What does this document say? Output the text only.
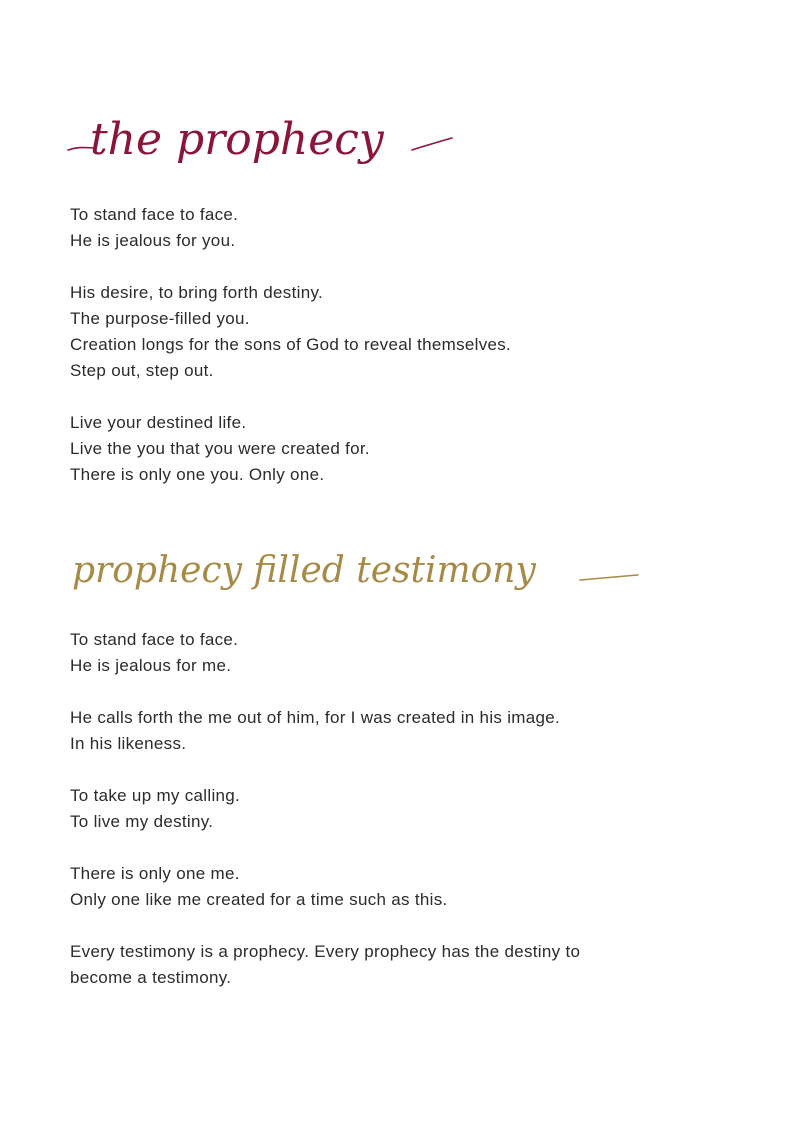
the prophecy
To stand face to face.
He is jealous for you.
His desire, to bring forth destiny.
The purpose-filled you.
Creation longs for the sons of God to reveal themselves.
Step out, step out.
Live your destined life.
Live the you that you were created for.
There is only one you. Only one.
prophecy filled testimony
To stand face to face.
He is jealous for me.
He calls forth the me out of him, for I was created in his image.
In his likeness.
To take up my calling.
To live my destiny.
There is only one me.
Only one like me created for a time such as this.
Every testimony is a prophecy. Every prophecy has the destiny to
become a testimony.
